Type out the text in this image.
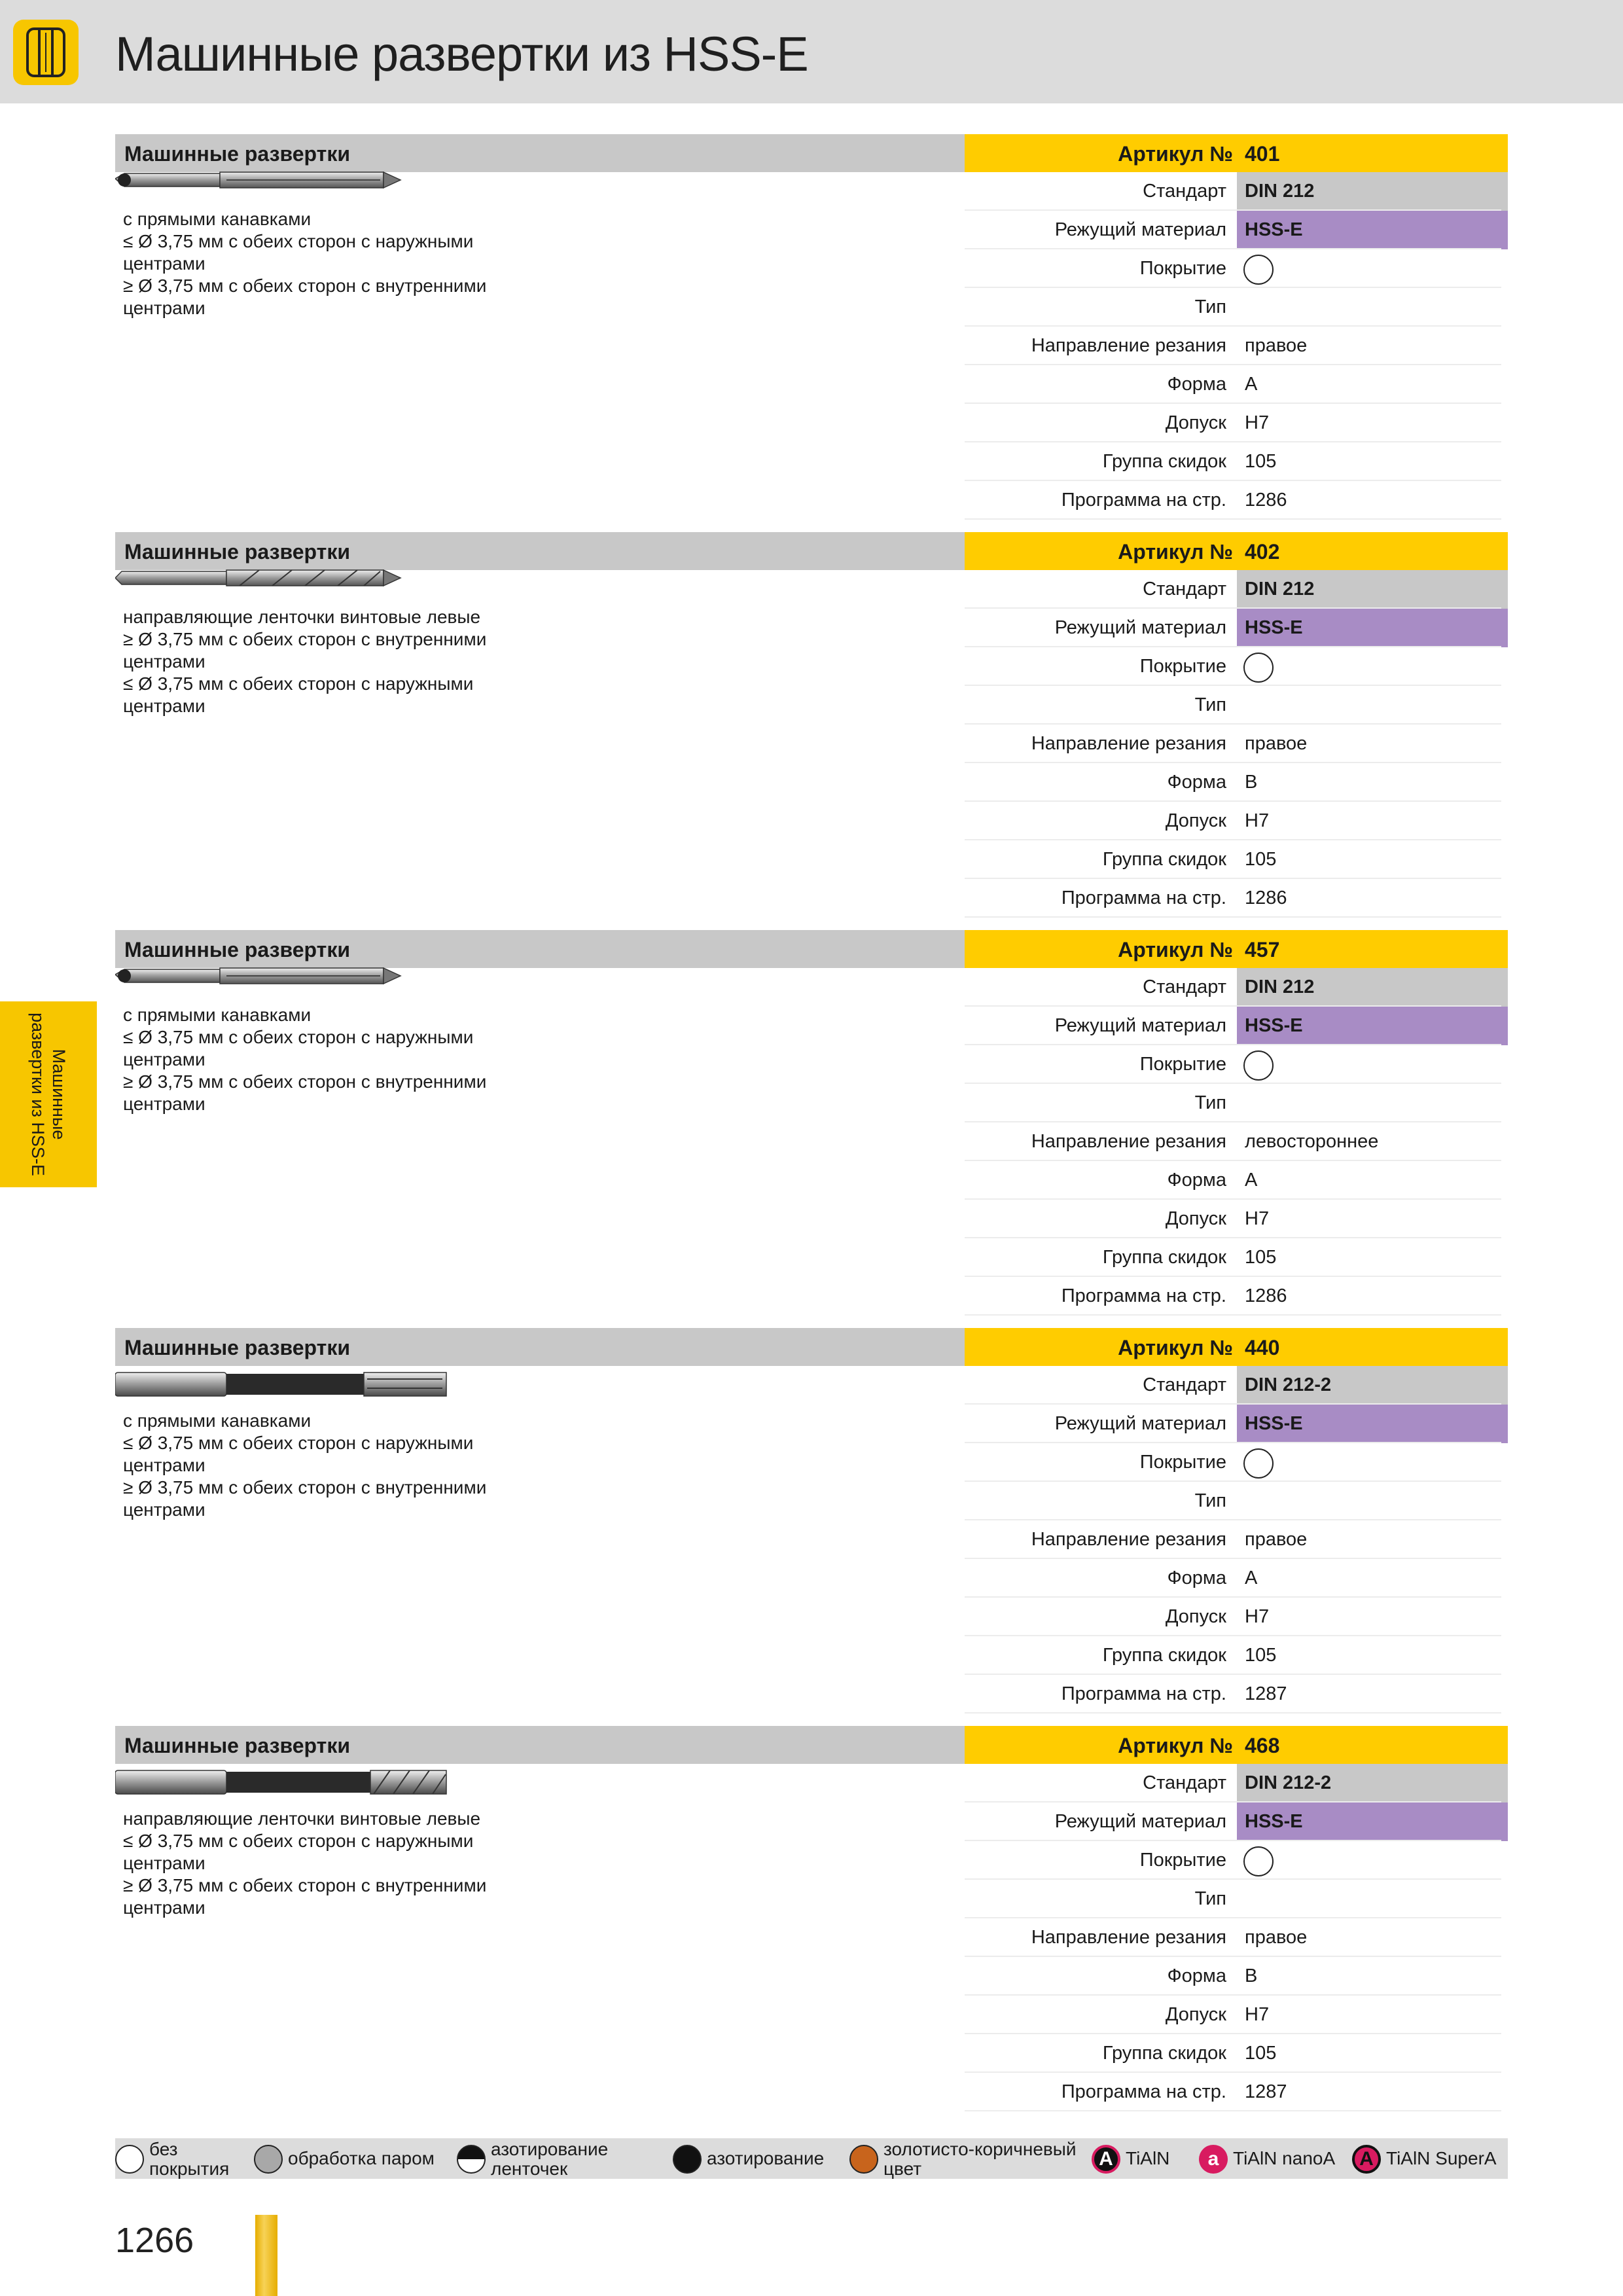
Машинные развертки из HSS-E
Машинные
развертки из HSS-E
Машинные развертки	Артикул № 401
с прямыми канавками
≤ Ø 3,75 мм с обеих сторон с наружными
центрами
≥ Ø 3,75 мм с обеих сторон с внутренними
центрами
Стандарт DIN 212
Режущий материал HSS-E
Покрытие
Тип
Направление резания правое
Форма A
Допуск H7
Группа скидок 105
Программа на стр. 1286
Машинные развертки	Артикул № 402
направляющие ленточки винтовые левые
≥ Ø 3,75 мм с обеих сторон с внутренними
центрами
≤ Ø 3,75 мм с обеих сторон с наружными
центрами
Стандарт DIN 212
Режущий материал HSS-E
Покрытие
Тип
Направление резания правое
Форма B
Допуск H7
Группа скидок 105
Программа на стр. 1286
Машинные развертки	Артикул № 457
с прямыми канавками
≤ Ø 3,75 мм с обеих сторон с наружными
центрами
≥ Ø 3,75 мм с обеих сторон с внутренними
центрами
Стандарт DIN 212
Режущий материал HSS-E
Покрытие
Тип
Направление резания левостороннее
Форма A
Допуск H7
Группа скидок 105
Программа на стр. 1286
Машинные развертки	Артикул № 440
с прямыми канавками
≤ Ø 3,75 мм с обеих сторон с наружными
центрами
≥ Ø 3,75 мм с обеих сторон с внутренними
центрами
Стандарт DIN 212-2
Режущий материал HSS-E
Покрытие
Тип
Направление резания правое
Форма A
Допуск H7
Группа скидок 105
Программа на стр. 1287
Машинные развертки	Артикул № 468
направляющие ленточки винтовые левые
≤ Ø 3,75 мм с обеих сторон с наружными
центрами
≥ Ø 3,75 мм с обеих сторон с внутренними
центрами
Стандарт DIN 212-2
Режущий материал HSS-E
Покрытие
Тип
Направление резания правое
Форма B
Допуск H7
Группа скидок 105
Программа на стр. 1287
без
покрытия
обработка паром	азотирование
ленточек
азотирование	золотисто-коричневый
цвет	A TiAlN	a TiAlN nanoA	A TiAlN SuperA
1266
